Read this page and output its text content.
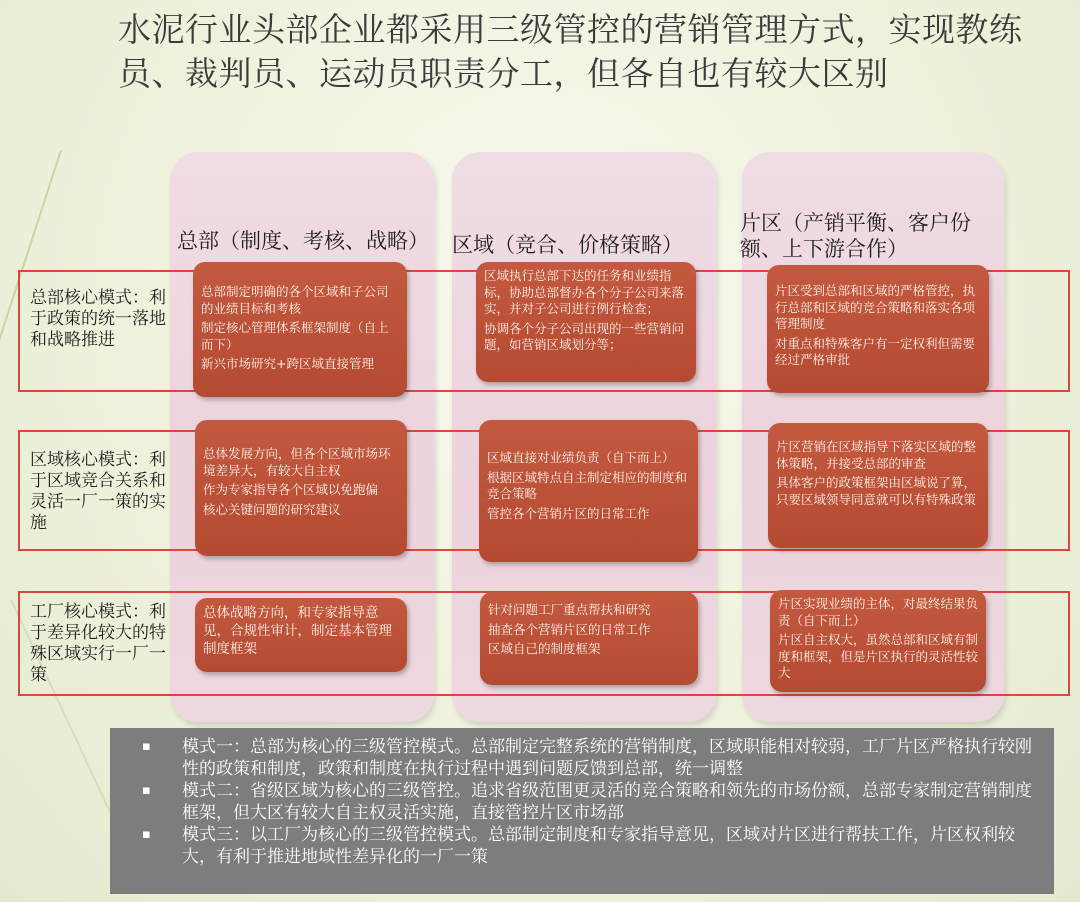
水泥行业头部企业都采用三级管控的营销管理方式，实现教练员、裁判员、运动员职责分工，但各自也有较大区别
总部（制度、考核、战略） 区域（竞合、价格策略）
片区（产销平衡、客户份额、上下游合作）
总部核心模式：利于政策的统一落地和战略推进
区域核心模式：利于区域竞合关系和灵活一厂一策的实施
工厂核心模式：利于差异化较大的特殊区域实行一厂一策

总部制定明确的各个区域和子公司的业绩目标和考核

制定核心管理体系框架制度（自上而下）

新兴市场研究+跨区域直接管理

区域执行总部下达的任务和业绩指标，协助总部督办各个分子公司来落实，并对子公司进行例行检查；

协调各个分子公司出现的一些营销问题，如营销区域划分等；

片区受到总部和区域的严格管控，执行总部和区域的竞合策略和落实各项管理制度

对重点和特殊客户有一定权利但需要经过严格审批

总体发展方向，但各个区域市场环境差异大，有较大自主权

作为专家指导各个区域以免跑偏

核心关键问题的研究建议

区域直接对业绩负责（自下而上）

根据区域特点自主制定相应的制度和竞合策略

管控各个营销片区的日常工作

片区营销在区域指导下落实区域的整体策略，并接受总部的审查

具体客户的政策框架由区域说了算，只要区域领导同意就可以有特殊政策

总体战略方向，和专家指导意见，合规性审计，制定基本管理制度框架

针对问题工厂重点帮扶和研究

抽查各个营销片区的日常工作

区域自己的制度框架

片区实现业绩的主体，对最终结果负责（自下而上）

片区自主权大，虽然总部和区域有制度和框架，但是片区执行的灵活性较大

▪ 模式一：总部为核心的三级管控模式。总部制定完整系统的营销制度，区域职能相对较弱，工厂片区严格执行较刚性的政策和制度，政策和制度在执行过程中遇到问题反馈到总部，统一调整
▪ 模式二：省级区域为核心的三级管控。追求省级范围更灵活的竞合策略和领先的市场份额，总部专家制定营销制度框架，但大区有较大自主权灵活实施，直接管控片区市场部
▪ 模式三：以工厂为核心的三级管控模式。总部制定制度和专家指导意见，区域对片区进行帮扶工作，片区权利较大，有利于推进地域性差异化的一厂一策
